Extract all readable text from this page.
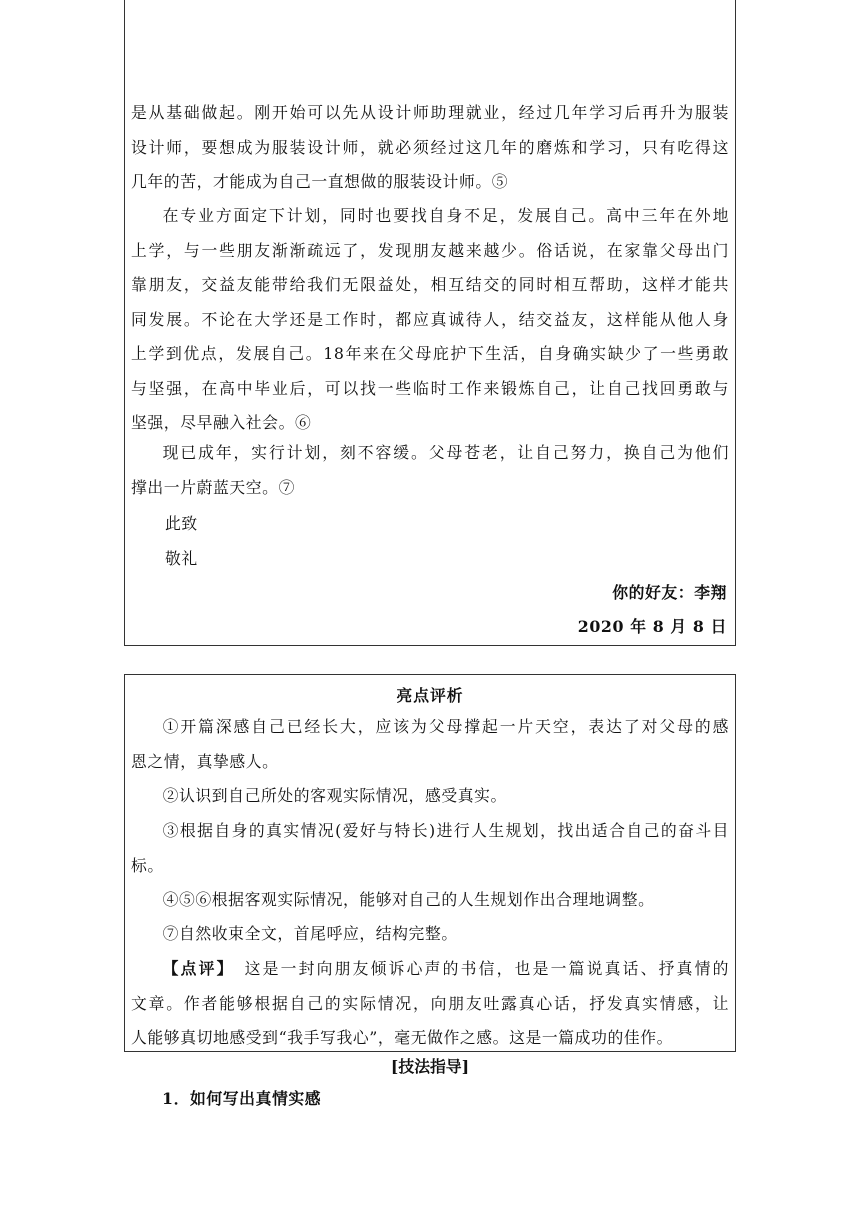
是从基础做起。刚开始可以先从设计师助理就业，经过几年学习后再升为服装
设计师，要想成为服装设计师，就必须经过这几年的磨炼和学习，只有吃得这
几年的苦，才能成为自己一直想做的服装设计师。⑤
在专业方面定下计划，同时也要找自身不足，发展自己。高中三年在外地
上学，与一些朋友渐渐疏远了，发现朋友越来越少。俗话说，在家靠父母出门
靠朋友，交益友能带给我们无限益处，相互结交的同时相互帮助，这样才能共
同发展。不论在大学还是工作时，都应真诚待人，结交益友，这样能从他人身
上学到优点，发展自己。18年来在父母庇护下生活，自身确实缺少了一些勇敢
与坚强，在高中毕业后，可以找一些临时工作来锻炼自己，让自己找回勇敢与
坚强，尽早融入社会。⑥
现已成年，实行计划，刻不容缓。父母苍老，让自己努力，换自己为他们
撑出一片蔚蓝天空。⑦
此致
敬礼
你的好友：李翔
2020 年 8 月 8 日
亮点评析
①开篇深感自己已经长大，应该为父母撑起一片天空，表达了对父母的感
恩之情，真挚感人。
②认识到自己所处的客观实际情况，感受真实。
③根据自身的真实情况(爱好与特长)进行人生规划，找出适合自己的奋斗目
标。
④⑤⑥根据客观实际情况，能够对自己的人生规划作出合理地调整。
⑦自然收束全文，首尾呼应，结构完整。
【点评】　这是一封向朋友倾诉心声的书信，也是一篇说真话、抒真情的
文章。作者能够根据自己的实际情况，向朋友吐露真心话，抒发真实情感，让
人能够真切地感受到“我手写我心”，毫无做作之感。这是一篇成功的佳作。
[技法指导]
1．如何写出真情实感
